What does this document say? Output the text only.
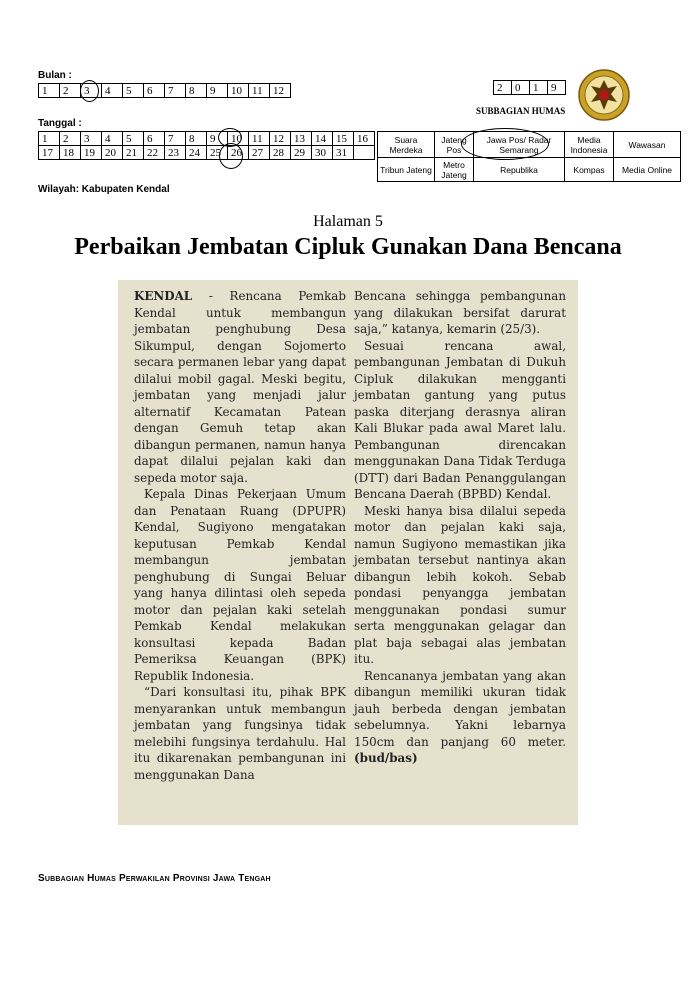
Bulan :
1	2	3	4	5	6	7	8	9	10	11	12
Tanggal :
1	2	3	4	5	6	7	8	9	10	11	12	13	14	15	16
17	18	19	20	21	22	23	24	25	26	27	28	29	30	31	
2	0	1	9
SUBBAGIAN HUMAS
Suara Merdeka	Jateng Pos	Jawa Pos/ Radar Semarang	Media Indonesia	Wawasan
Tribun Jateng	Metro Jateng	Republika	Kompas	Media Online
Wilayah: Kabupaten Kendal
Halaman 5
Perbaikan Jembatan Cipluk Gunakan Dana Bencana

KENDAL - Rencana Pemkab Kendal untuk membangun jembatan penghubung Desa Sikumpul, dengan Sojomerto secara permanen lebar yang dapat dilalui mobil gagal. Meski begitu, jembatan yang menjadi jalur alternatif Kecamatan Patean dengan Gemuh tetap akan dibangun permanen, namun hanya dapat dilalui pejalan kaki dan sepeda motor saja.

Kepala Dinas Pekerjaan Umum dan Penataan Ruang (DPUPR) Kendal, Sugiyono mengatakan keputusan Pemkab Kendal membangun jembatan penghubung di Sungai Beluar yang hanya dilintasi oleh sepeda motor dan pejalan kaki setelah Pemkab Kendal melakukan konsultasi kepada Badan Pemeriksa Keuangan (BPK) Republik Indonesia.

“Dari konsultasi itu, pihak BPK menyarankan untuk membangun jembatan yang fungsinya tidak melebihi fungsinya terdahulu. Hal itu dikarenakan pembangunan ini menggunakan Dana

Bencana sehingga pembangunan yang dilakukan bersifat darurat saja,” katanya, kemarin (25/3).

Sesuai rencana awal, pembangunan Jembatan di Dukuh Cipluk dilakukan mengganti jembatan gantung yang putus paska diterjang derasnya aliran Kali Blukar pada awal Maret lalu. Pembangunan direncakan menggunakan Dana Tidak Terduga (DTT) dari Badan Penanggulangan Bencana Daerah (BPBD) Kendal.

Meski hanya bisa dilalui sepeda motor dan pejalan kaki saja, namun Sugiyono memastikan jika jembatan tersebut nantinya akan dibangun lebih kokoh. Sebab pondasi penyangga jembatan menggunakan pondasi sumur serta menggunakan gelagar dan plat baja sebagai alas jembatan itu.

Rencananya jembatan yang akan dibangun memiliki ukuran tidak jauh berbeda dengan jembatan sebelumnya. Yakni lebarnya 150cm dan panjang 60 meter. (bud/bas)

Subbagian Humas Perwakilan Provinsi Jawa Tengah
